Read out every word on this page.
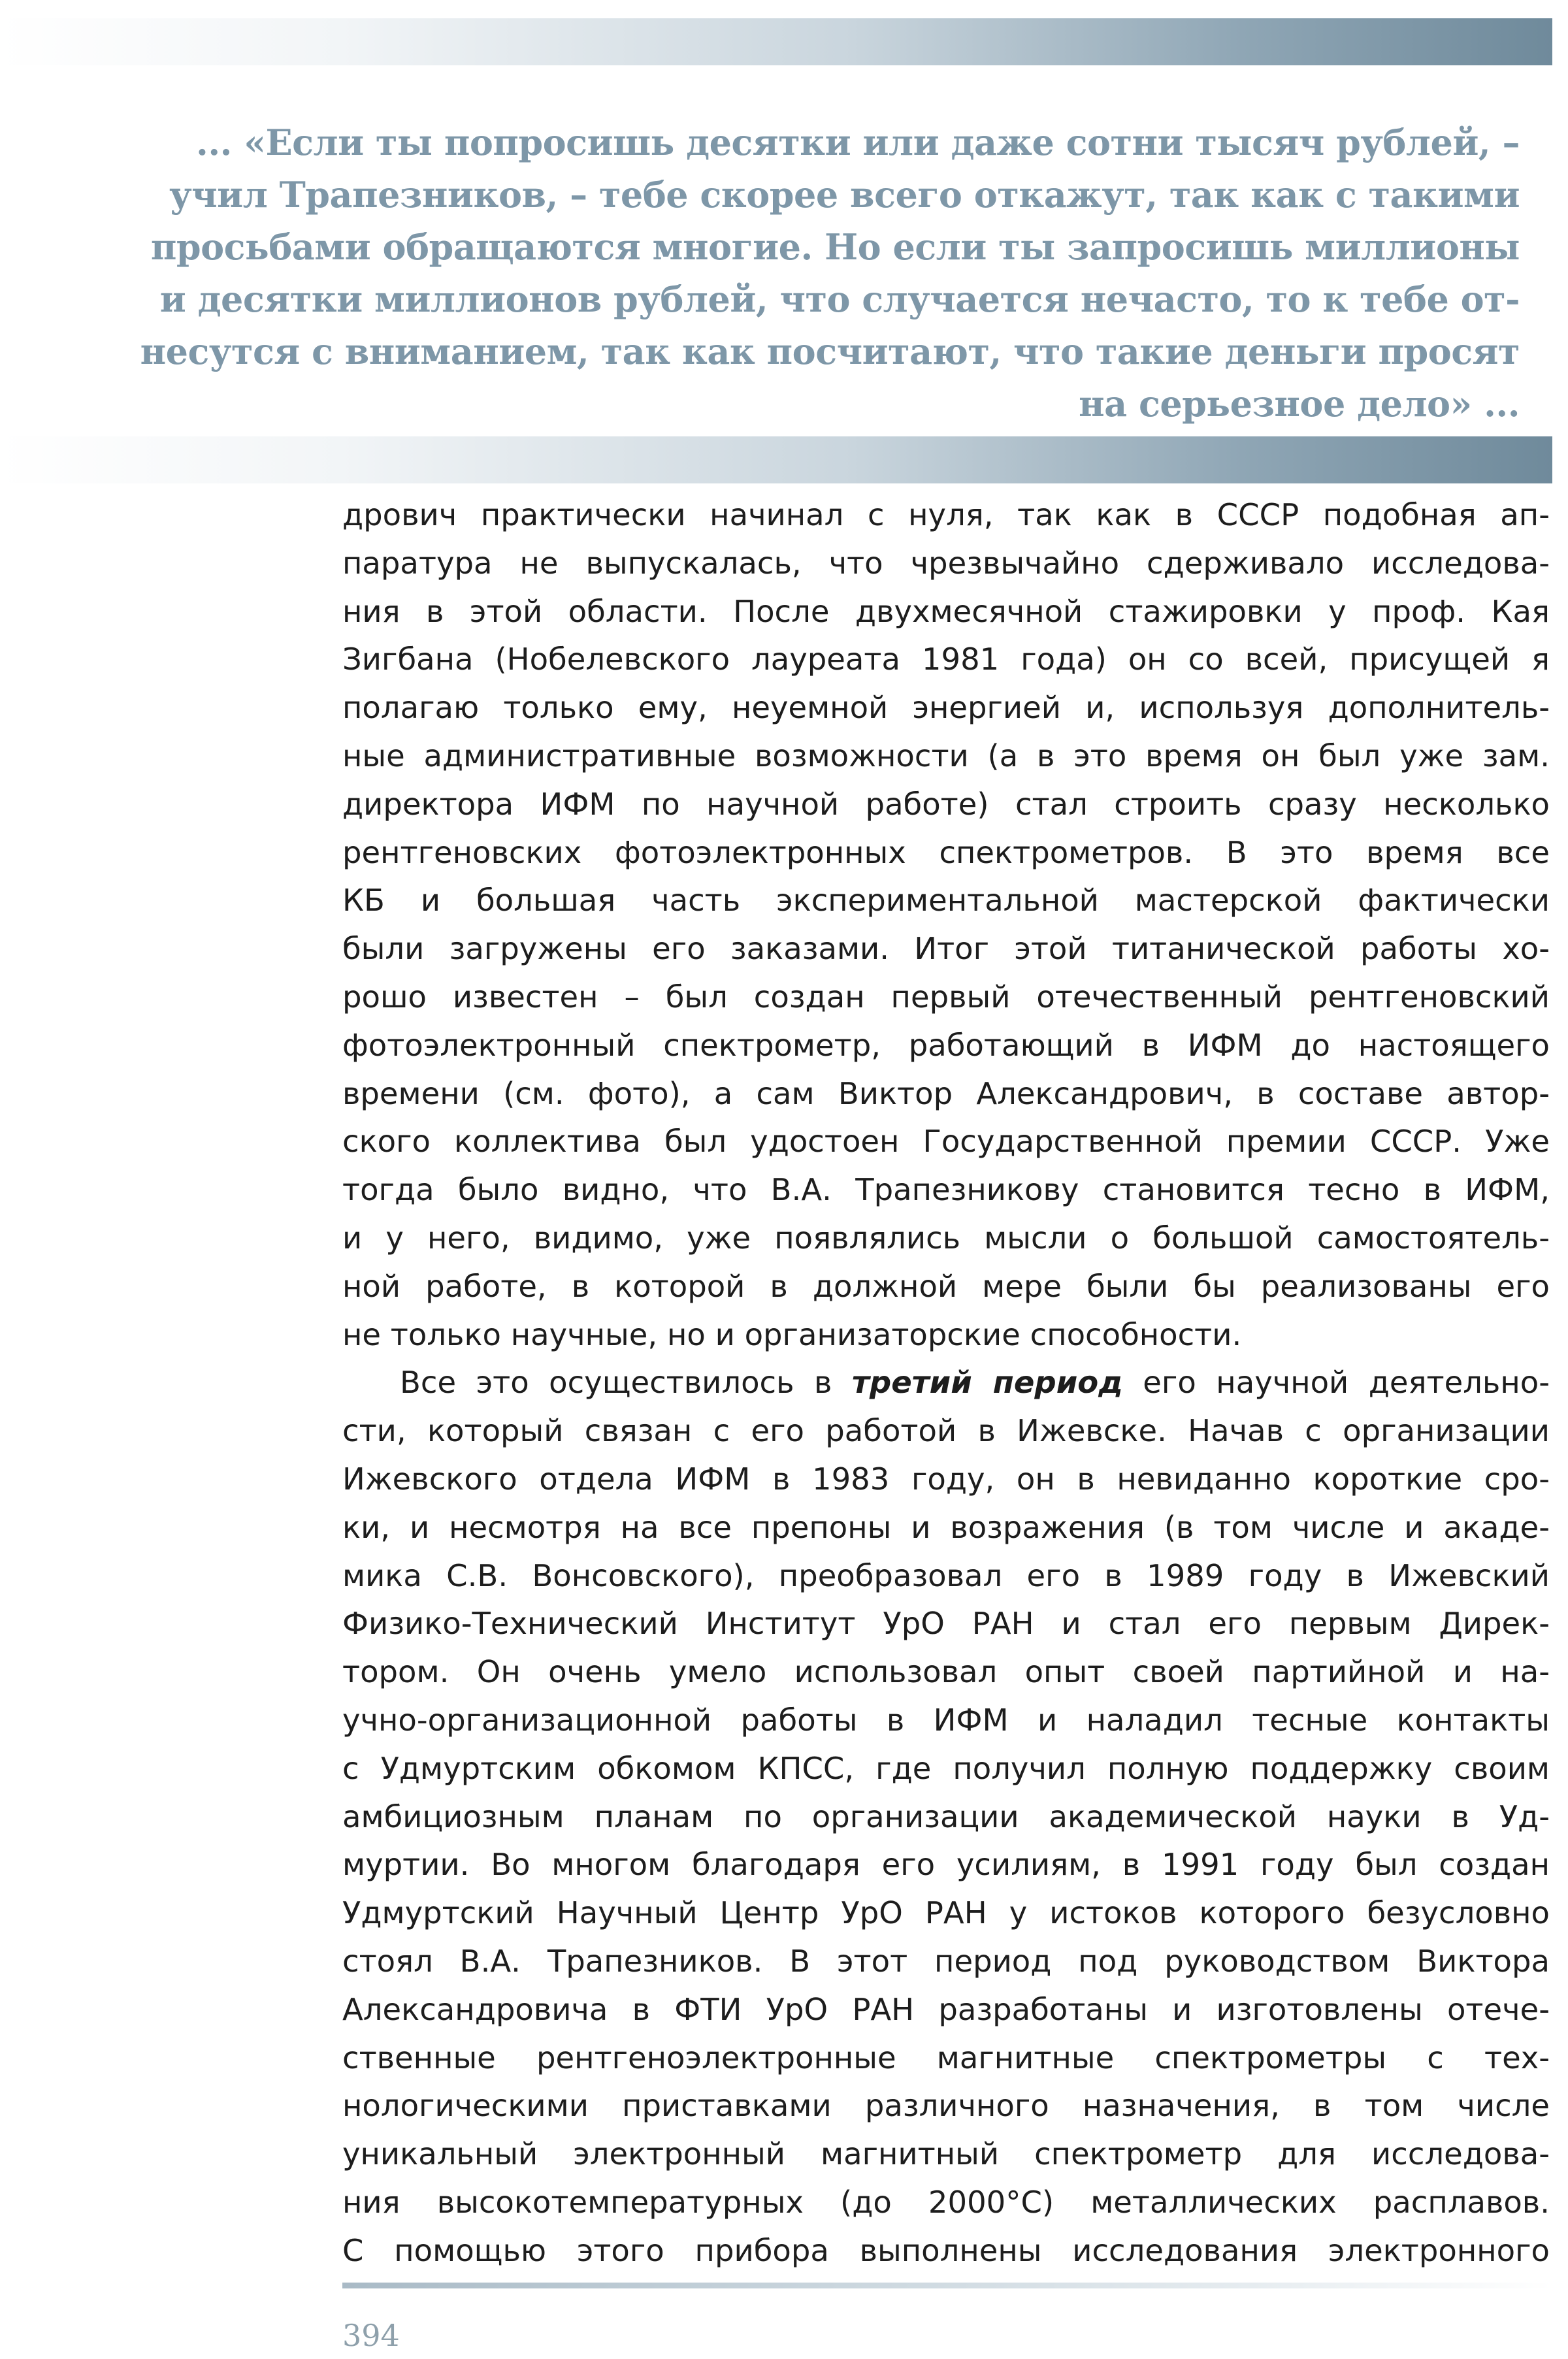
... «Если ты попросишь десятки или даже сотни тысяч рублей, –
учил Трапезников, – тебе скорее всего откажут, так как с такими
просьбами обращаются многие. Но если ты запросишь миллионы
и десятки миллионов рублей, что случается нечасто, то к тебе от-
несутся с вниманием, так как посчитают, что такие деньги просят
на серьезное дело» ...
дрович практически начинал с нуля, так как в СССР подобная ап-
паратура не выпускалась, что чрезвычайно сдерживало исследова-
ния в этой области. После двухмесячной стажировки у проф. Кая
Зигбана (Нобелевского лауреата 1981 года) он со всей, присущей я
полагаю только ему, неуемной энергией и, используя дополнитель-
ные административные возможности (а в это время он был уже зам.
директора ИФМ по научной работе) стал строить сразу несколько
рентгеновских фотоэлектронных спектрометров. В это время все
КБ и большая часть экспериментальной мастерской фактически
были загружены его заказами. Итог этой титанической работы хо-
рошо известен – был создан первый отечественный рентгеновский
фотоэлектронный спектрометр, работающий в ИФМ до настоящего
времени (см. фото), а сам Виктор Александрович, в составе автор-
ского коллектива был удостоен Государственной премии СССР. Уже
тогда было видно, что В.А. Трапезникову становится тесно в ИФМ,
и у него, видимо, уже появлялись мысли о большой самостоятель-
ной работе, в которой в должной мере были бы реализованы его
не только научные, но и организаторские способности.
Все это осуществилось в третий период его научной деятельно-
сти, который связан с его работой в Ижевске. Начав с организации
Ижевского отдела ИФМ в 1983 году, он в невиданно короткие сро-
ки, и несмотря на все препоны и возражения (в том числе и акаде-
мика С.В. Вонсовского), преобразовал его в 1989 году в Ижевский
Физико-Технический Институт УрО РАН и стал его первым Дирек-
тором. Он очень умело использовал опыт своей партийной и на-
учно-организационной работы в ИФМ и наладил тесные контакты
с Удмуртским обкомом КПСС, где получил полную поддержку своим
амбициозным планам по организации академической науки в Уд-
муртии. Во многом благодаря его усилиям, в 1991 году был создан
Удмуртский Научный Центр УрО РАН у истоков которого безусловно
стоял В.А. Трапезников. В этот период под руководством Виктора
Александровича в ФТИ УрО РАН разработаны и изготовлены отече-
ственные рентгеноэлектронные магнитные спектрометры с тех-
нологическими приставками различного назначения, в том числе
уникальный электронный магнитный спектрометр для исследова-
ния высокотемпературных (до 2000°С) металлических расплавов.
С помощью этого прибора выполнены исследования электронного
394
